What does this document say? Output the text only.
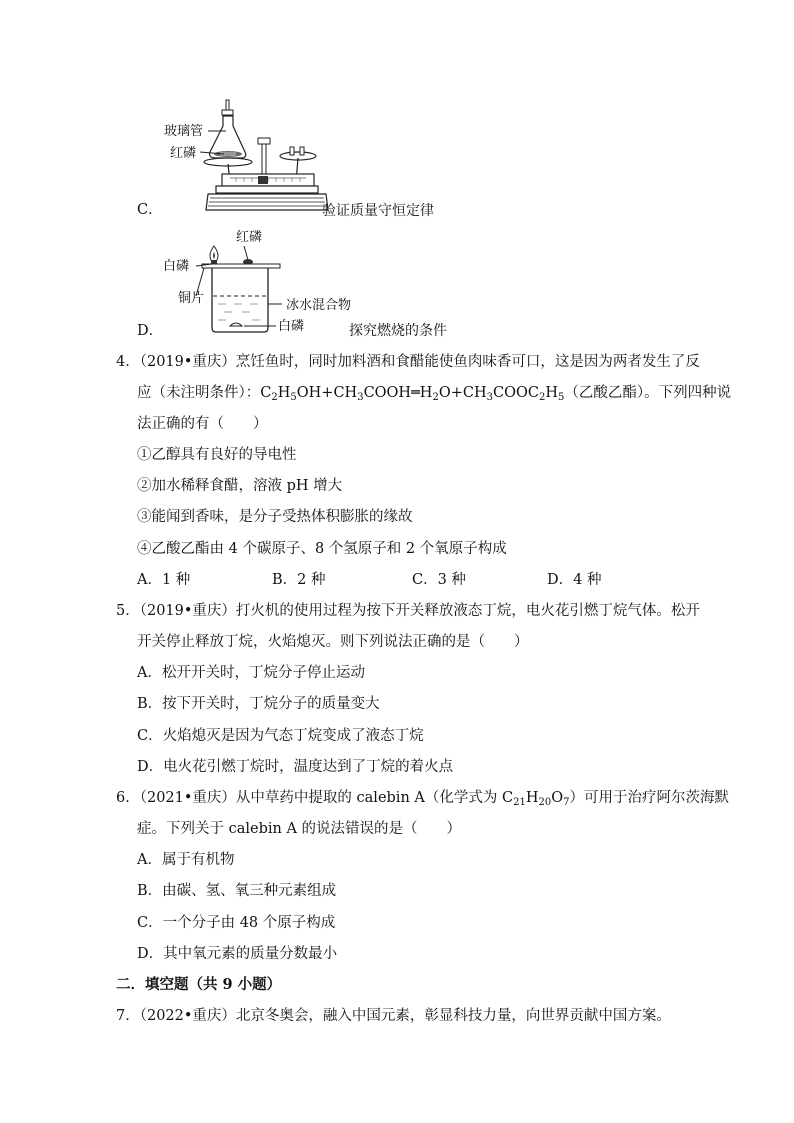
玻璃管
红磷
C．	验证质量守恒定律
红磷
白磷
铜片	冰水混合物
白磷
D．	探究燃烧的条件
4．（2019•重庆）烹饪鱼时，同时加料酒和食醋能使鱼肉味香可口，这是因为两者发生了反
应（未注明条件）：$C_2H_5OH+CH_3COOH═H_2O+CH_3COOC_2H_5$（乙酸乙酯）。下列四种说
法正确的有（　　）
①乙醇具有良好的导电性
②加水稀释食醋，溶液 pH 增大
③能闻到香味，是分子受热体积膨胀的缘故
④乙酸乙酯由 4 个碳原子、8 个氢原子和 2 个氧原子构成
A．1 种	B．2 种	C．3 种	D．4 种
5．（2019•重庆）打火机的使用过程为按下开关释放液态丁烷，电火花引燃丁烷气体。松开
开关停止释放丁烷，火焰熄灭。则下列说法正确的是（　　）
A．松开开关时，丁烷分子停止运动
B．按下开关时，丁烷分子的质量变大
C．火焰熄灭是因为气态丁烷变成了液态丁烷
D．电火花引燃丁烷时，温度达到了丁烷的着火点
6．（2021•重庆）从中草药中提取的 calebin A（化学式为 $C_{21}H_{20}O_7$）可用于治疗阿尔茨海默
症。下列关于 calebin A 的说法错误的是（　　）
A．属于有机物
B．由碳、氢、氧三种元素组成
C．一个分子由 48 个原子构成
D．其中氧元素的质量分数最小
二．填空题（共 9 小题）
7．（2022•重庆）北京冬奥会，融入中国元素，彰显科技力量，向世界贡献中国方案。
